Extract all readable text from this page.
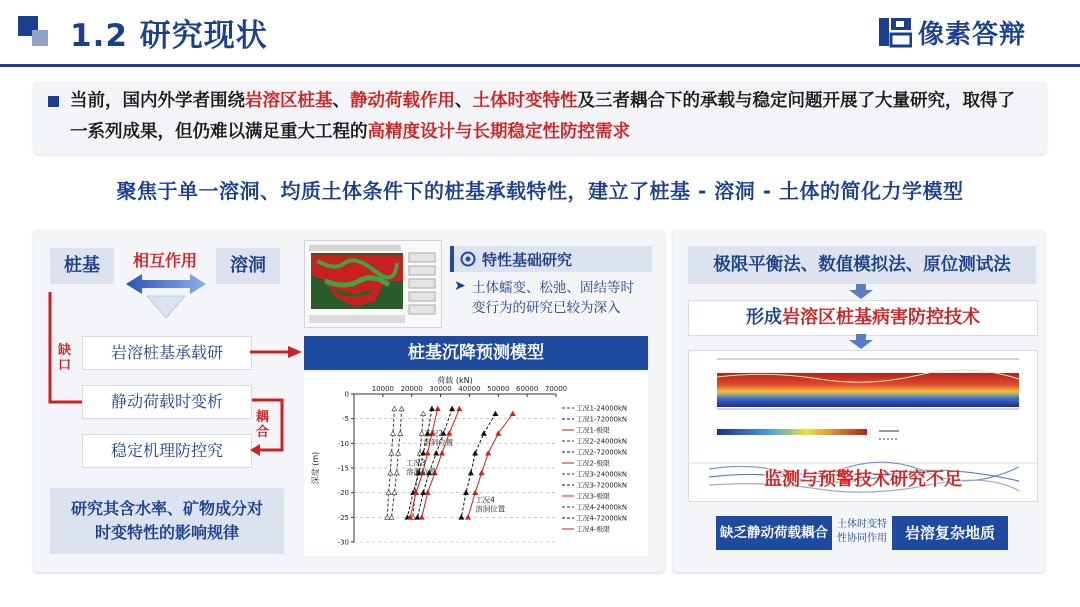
1.2 研究现状	像素答辩
当前，国内外学者围绕岩溶区桩基、静动荷载作用、土体时变特性及三者耦合下的承载与稳定问题开展了大量研究，取得了一系列成果，但仍难以满足重大工程的高精度设计与长期稳定性防控需求
聚焦于单一溶洞、均质土体条件下的桩基承载特性，建立了桩基 - 溶洞 - 土体的简化力学模型
桩基	溶洞
相互作用
缺口
岩溶桩基承载研
静动荷载时变析
稳定机理防控究
耦合
研究其含水率、矿物成分对时变特性的影响规律
特性基础研究
➤ 土体蠕变、松弛、固结等时变行为的研究已较为深入
桩基沉降预测模型
10000 20000 30000 40000 50000 60000 70000
0
-5
-10
-15
-20
-25
-30
荷载 (kN)
深度 (m)
工况2
溶洞位置
工况3
溶洞位置
工况4
溶洞位置
工况1-24000kN
工况1-72000kN
工况1-极限
工况2-24000kN
工况2-72000kN
工况2-极限
工况3-24000kN
工况3-72000kN
工况3-极限
工况4-24000kN
工况4-72000kN
工况4-极限
极限平衡法、数值模拟法、原位测试法
形成岩溶区桩基病害防控技术
监测与预警技术研究不足
缺乏静动荷载耦合
土体时变特性协同作用	岩溶复杂地质
